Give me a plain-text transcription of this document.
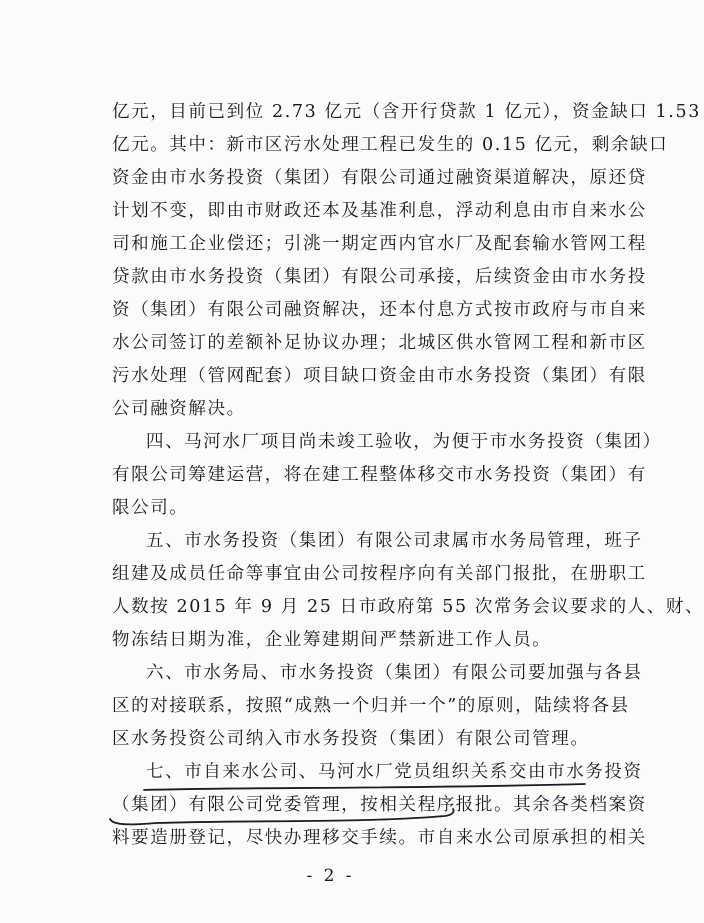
亿元，目前已到位 2.73 亿元（含开行贷款 1 亿元），资金缺口 1.53
亿元。其中：新市区污水处理工程已发生的 0.15 亿元，剩余缺口
资金由市水务投资（集团）有限公司通过融资渠道解决，原还贷
计划不变，即由市财政还本及基准利息，浮动利息由市自来水公
司和施工企业偿还；引洮一期定西内官水厂及配套输水管网工程
贷款由市水务投资（集团）有限公司承接，后续资金由市水务投
资（集团）有限公司融资解决，还本付息方式按市政府与市自来
水公司签订的差额补足协议办理；北城区供水管网工程和新市区
污水处理（管网配套）项目缺口资金由市水务投资（集团）有限
公司融资解决。
四、马河水厂项目尚未竣工验收，为便于市水务投资（集团）
有限公司筹建运营，将在建工程整体移交市水务投资（集团）有
限公司。
五、市水务投资（集团）有限公司隶属市水务局管理，班子
组建及成员任命等事宜由公司按程序向有关部门报批，在册职工
人数按 2015 年 9 月 25 日市政府第 55 次常务会议要求的人、财、
物冻结日期为准，企业筹建期间严禁新进工作人员。
六、市水务局、市水务投资（集团）有限公司要加强与各县
区的对接联系，按照“成熟一个归并一个”的原则，陆续将各县
区水务投资公司纳入市水务投资（集团）有限公司管理。
七、市自来水公司、马河水厂党员组织关系交由市水务投资
（集团）有限公司党委管理，按相关程序报批。其余各类档案资
料要造册登记，尽快办理移交手续。市自来水公司原承担的相关
- 2 -
